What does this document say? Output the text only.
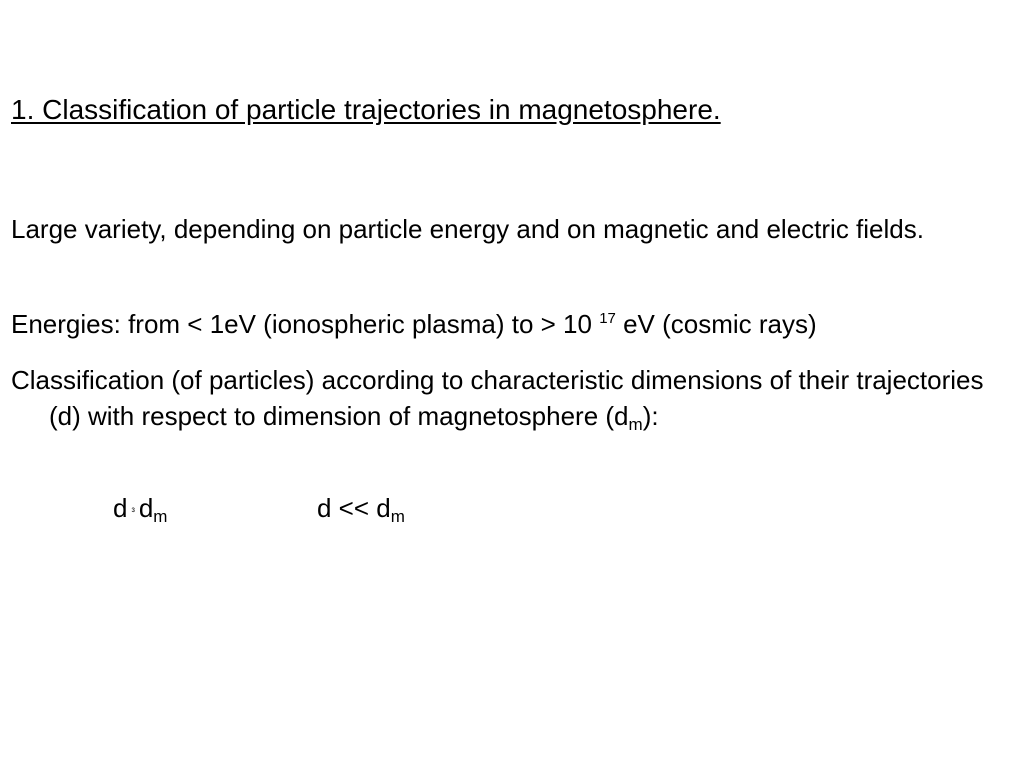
1. Classification of particle trajectories in magnetosphere.

Large variety, depending on particle energy and on magnetic and electric fields.

Energies: from < 1eV (ionospheric plasma) to > 10 $^{17}$ eV (cosmic rays)

Classification (of particles) according to characteristic dimensions of their trajectories (d) with respect to dimension of magnetosphere $(d_m)$:

d ³ $d_m$	$d << d_m$
